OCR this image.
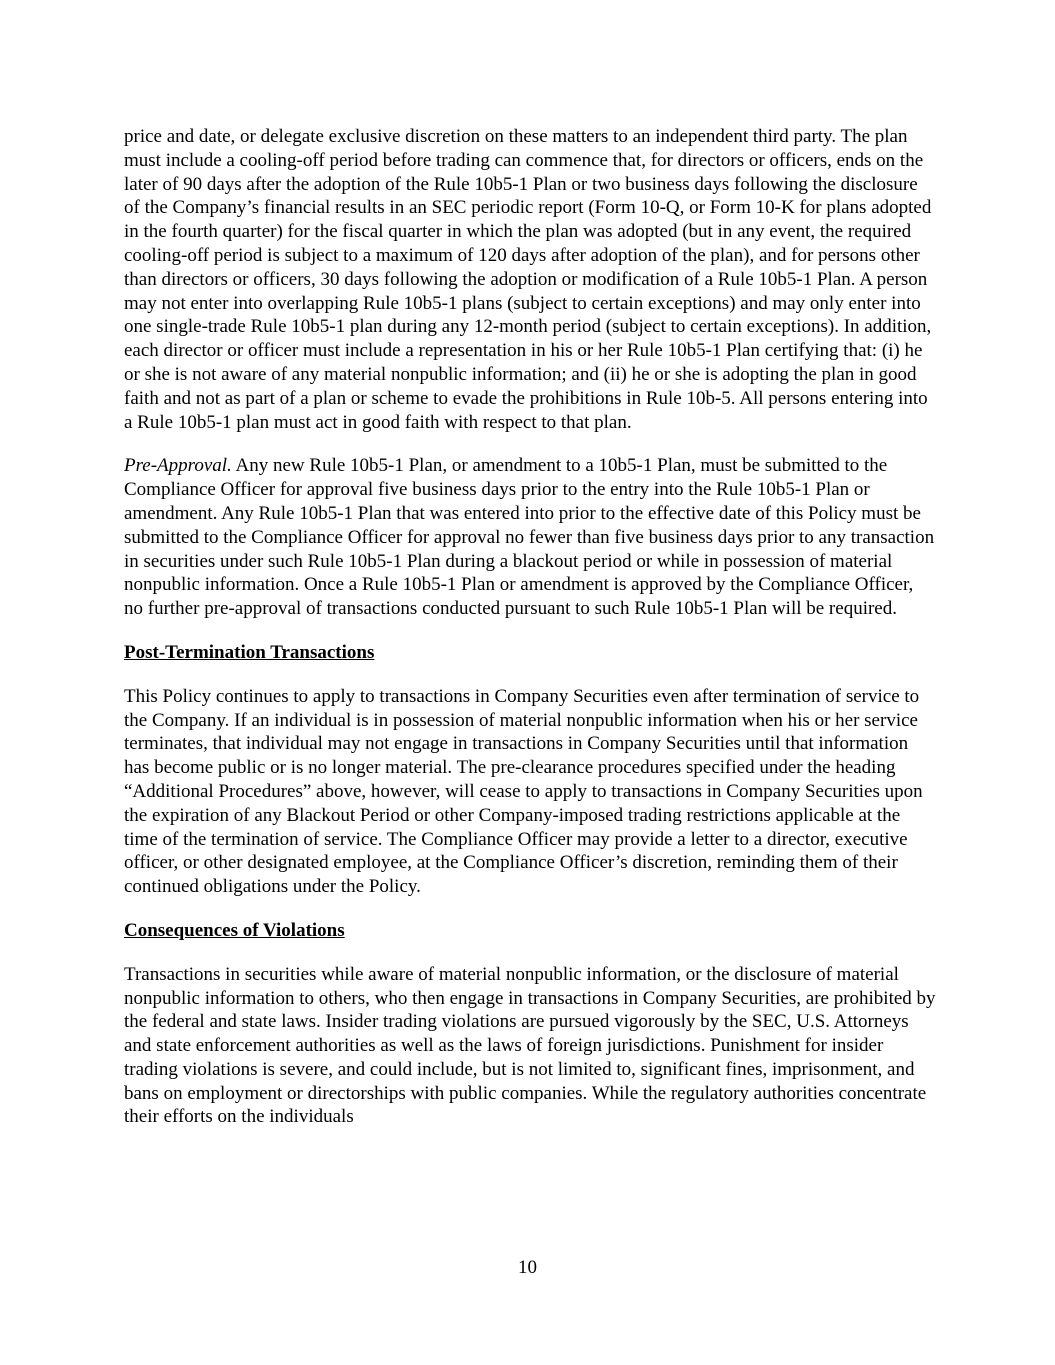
price and date, or delegate exclusive discretion on these matters to an independent third party. The plan must include a cooling-off period before trading can commence that, for directors or officers, ends on the later of 90 days after the adoption of the Rule 10b5-1 Plan or two business days following the disclosure of the Company’s financial results in an SEC periodic report (Form 10-Q, or Form 10-K for plans adopted in the fourth quarter) for the fiscal quarter in which the plan was adopted (but in any event, the required cooling-off period is subject to a maximum of 120 days after adoption of the plan), and for persons other than directors or officers, 30 days following the adoption or modification of a Rule 10b5-1 Plan. A person may not enter into overlapping Rule 10b5-1 plans (subject to certain exceptions) and may only enter into one single-trade Rule 10b5-1 plan during any 12-month period (subject to certain exceptions). In addition, each director or officer must include a representation in his or her Rule 10b5-1 Plan certifying that: (i) he or she is not aware of any material nonpublic information; and (ii) he or she is adopting the plan in good faith and not as part of a plan or scheme to evade the prohibitions in Rule 10b-5. All persons entering into a Rule 10b5-1 plan must act in good faith with respect to that plan.

Pre-Approval. Any new Rule 10b5-1 Plan, or amendment to a 10b5-1 Plan, must be submitted to the Compliance Officer for approval five business days prior to the entry into the Rule 10b5-1 Plan or amendment. Any Rule 10b5-1 Plan that was entered into prior to the effective date of this Policy must be submitted to the Compliance Officer for approval no fewer than five business days prior to any transaction in securities under such Rule 10b5-1 Plan during a blackout period or while in possession of material nonpublic information. Once a Rule 10b5-1 Plan or amendment is approved by the Compliance Officer, no further pre-approval of transactions conducted pursuant to such Rule 10b5-1 Plan will be required.

Post-Termination Transactions

This Policy continues to apply to transactions in Company Securities even after termination of service to the Company. If an individual is in possession of material nonpublic information when his or her service terminates, that individual may not engage in transactions in Company Securities until that information has become public or is no longer material. The pre-clearance procedures specified under the heading “Additional Procedures” above, however, will cease to apply to transactions in Company Securities upon the expiration of any Blackout Period or other Company-imposed trading restrictions applicable at the time of the termination of service. The Compliance Officer may provide a letter to a director, executive officer, or other designated employee, at the Compliance Officer’s discretion, reminding them of their continued obligations under the Policy.

Consequences of Violations

Transactions in securities while aware of material nonpublic information, or the disclosure of material nonpublic information to others, who then engage in transactions in Company Securities, are prohibited by the federal and state laws. Insider trading violations are pursued vigorously by the SEC, U.S. Attorneys and state enforcement authorities as well as the laws of foreign jurisdictions. Punishment for insider trading violations is severe, and could include, but is not limited to, significant fines, imprisonment, and bans on employment or directorships with public companies. While the regulatory authorities concentrate their efforts on the individuals

10
